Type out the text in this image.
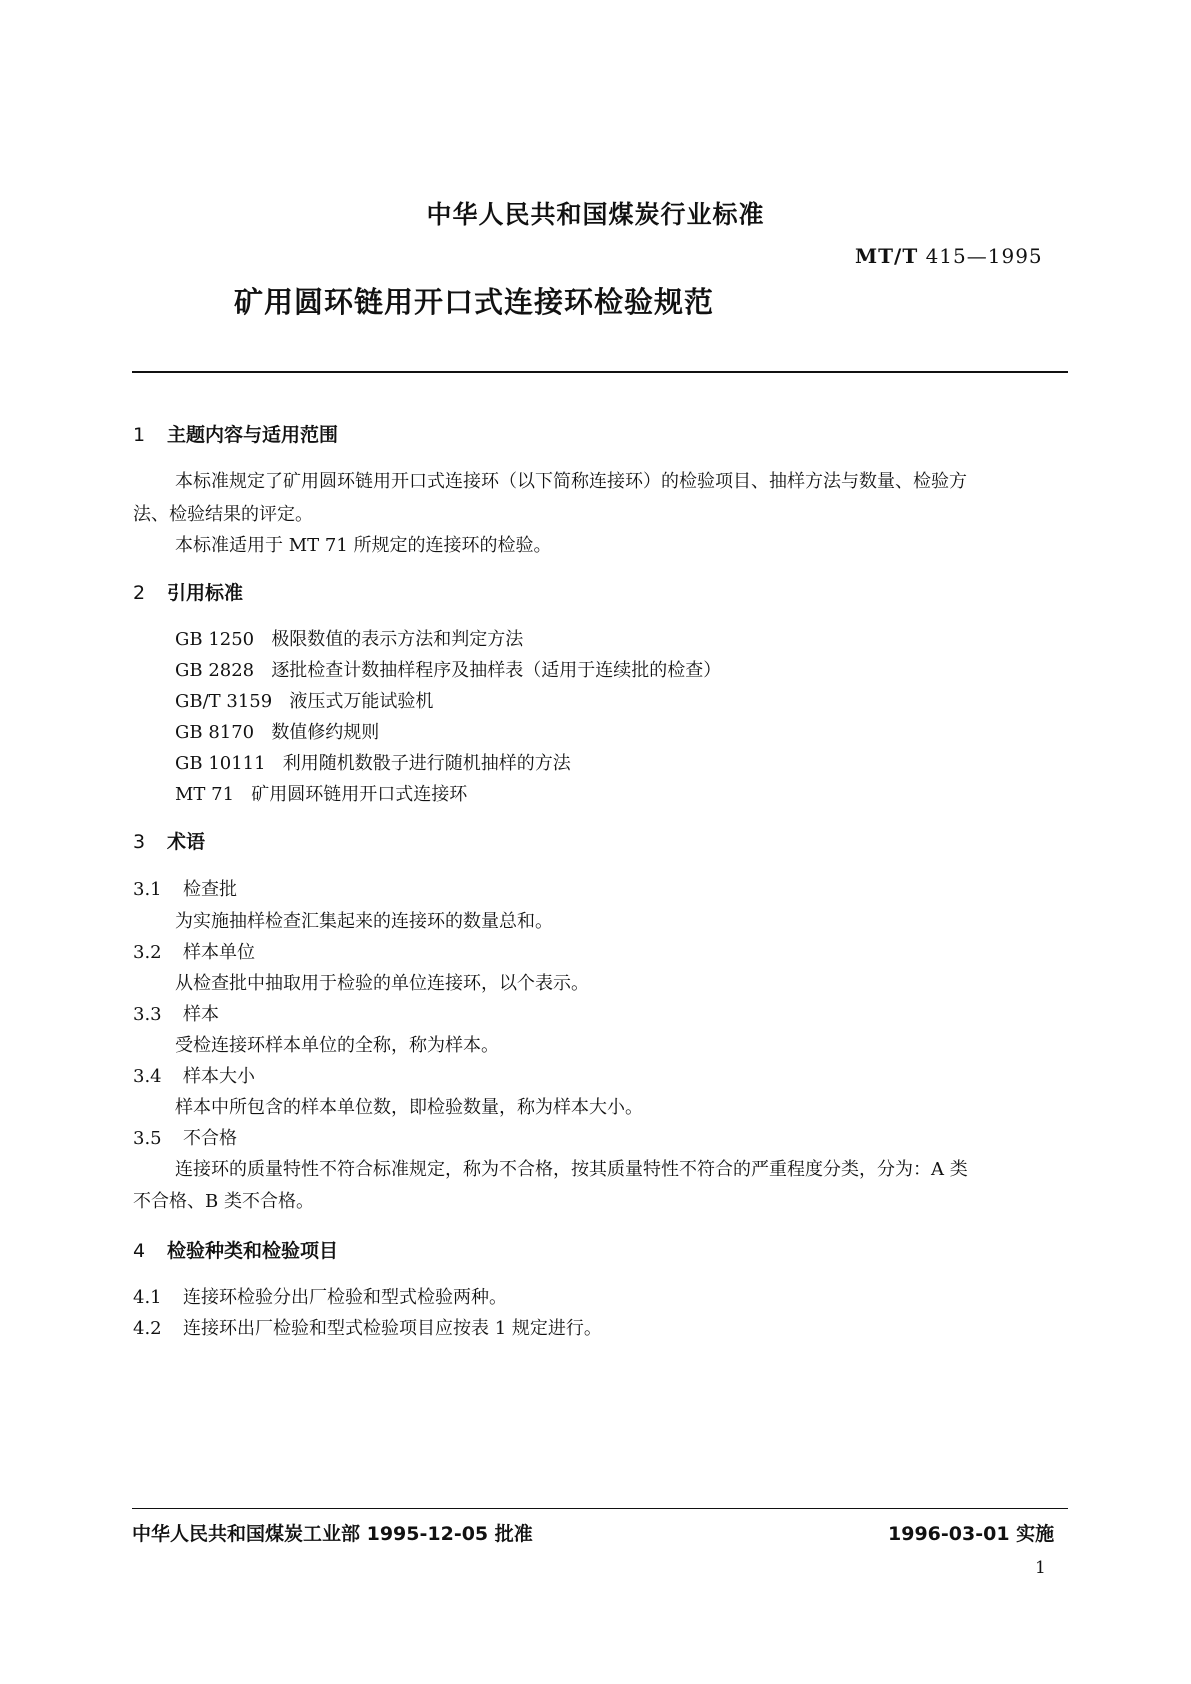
中华人民共和国煤炭行业标准
MT/T 415—1995
矿用圆环链用开口式连接环检验规范
1 主题内容与适用范围
本标准规定了矿用圆环链用开口式连接环（以下简称连接环）的检验项目、抽样方法与数量、检验方
法、检验结果的评定。
本标准适用于 MT 71 所规定的连接环的检验。
2 引用标准
GB 1250 极限数值的表示方法和判定方法
GB 2828 逐批检查计数抽样程序及抽样表（适用于连续批的检查）
GB/T 3159 液压式万能试验机
GB 8170 数值修约规则
GB 10111 利用随机数骰子进行随机抽样的方法
MT 71 矿用圆环链用开口式连接环
3 术语
3.1 检查批
为实施抽样检查汇集起来的连接环的数量总和。
3.2 样本单位
从检查批中抽取用于检验的单位连接环，以个表示。
3.3 样本
受检连接环样本单位的全称，称为样本。
3.4 样本大小
样本中所包含的样本单位数，即检验数量，称为样本大小。
3.5 不合格
连接环的质量特性不符合标准规定，称为不合格，按其质量特性不符合的严重程度分类，分为：A 类
不合格、B 类不合格。
4 检验种类和检验项目
4.1 连接环检验分出厂检验和型式检验两种。
4.2 连接环出厂检验和型式检验项目应按表 1 规定进行。
中华人民共和国煤炭工业部 1995-12-05 批准	1996-03-01 实施
1
